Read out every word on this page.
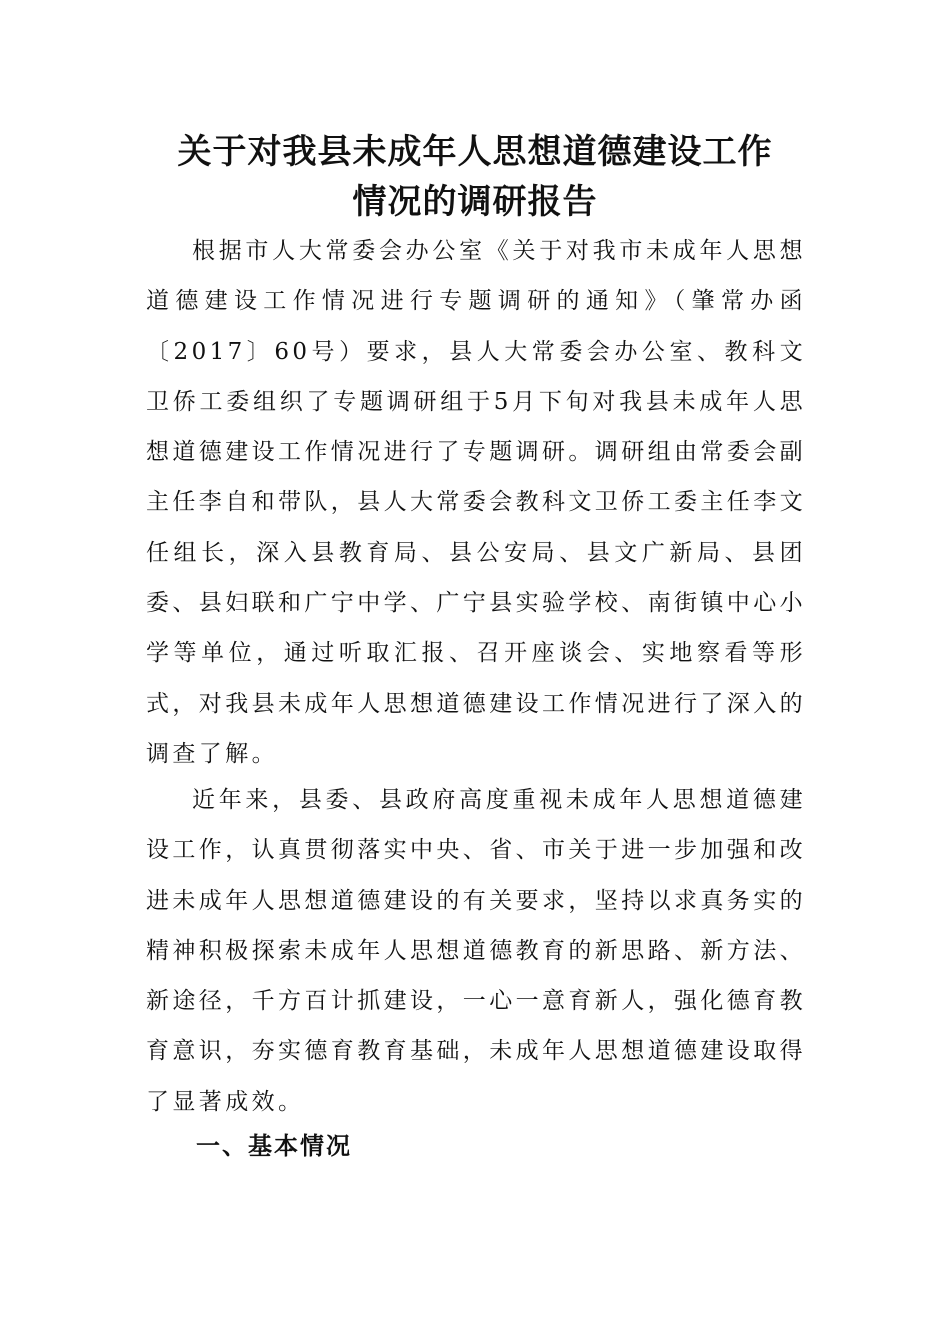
关于对我县未成年人思想道德建设工作
情况的调研报告

根据市人大常委会办公室《关于对我市未成年人思想道德建设工作情况进行专题调研的通知》（肇常办函〔2017〕60号）要求，县人大常委会办公室、教科文卫侨工委组织了专题调研组于5月下旬对我县未成年人思想道德建设工作情况进行了专题调研。调研组由常委会副主任李自和带队，县人大常委会教科文卫侨工委主任李文任组长，深入县教育局、县公安局、县文广新局、县团委、县妇联和广宁中学、广宁县实验学校、南街镇中心小学等单位，通过听取汇报、召开座谈会、实地察看等形式，对我县未成年人思想道德建设工作情况进行了深入的调查了解。

近年来，县委、县政府高度重视未成年人思想道德建设工作，认真贯彻落实中央、省、市关于进一步加强和改进未成年人思想道德建设的有关要求，坚持以求真务实的精神积极探索未成年人思想道德教育的新思路、新方法、新途径，千方百计抓建设，一心一意育新人，强化德育教育意识，夯实德育教育基础，未成年人思想道德建设取得了显著成效。

一、基本情况
